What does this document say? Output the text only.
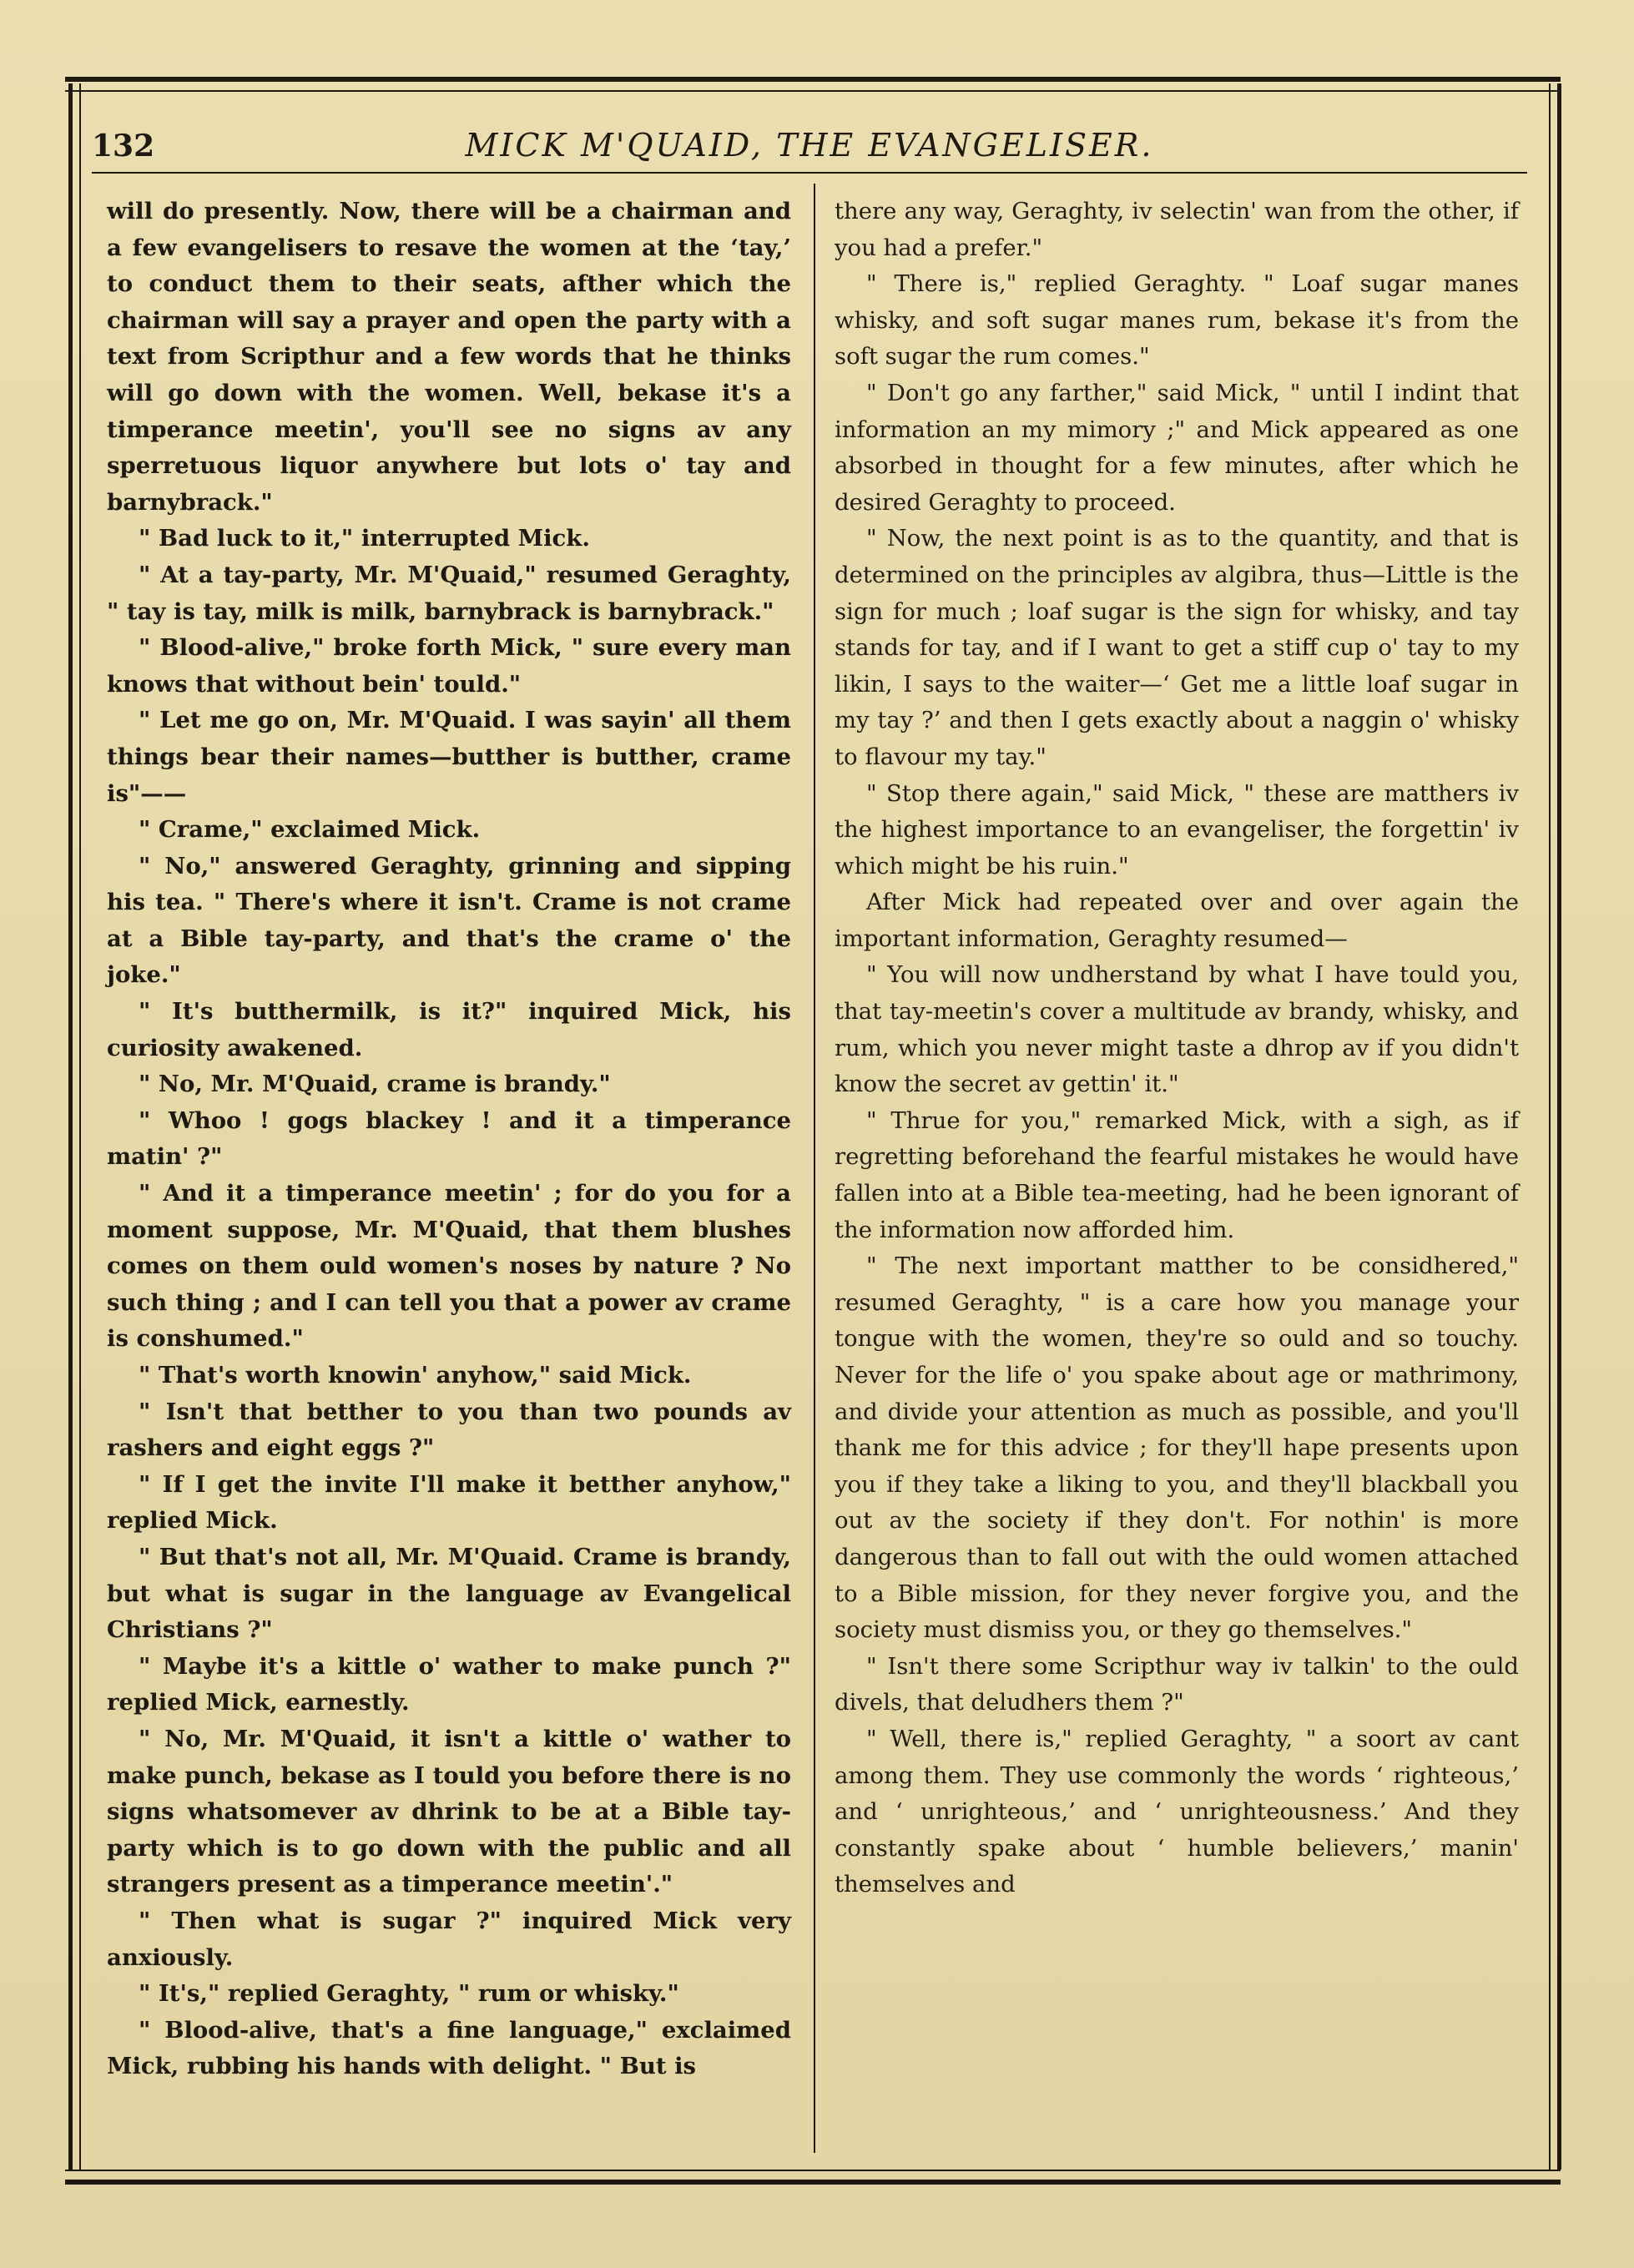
132	MICK M'QUAID, THE EVANGELISER.

will do presently. Now, there will be a chairman and a few evangelisers to resave the women at the ‘tay,’ to conduct them to their seats, afther which the chairman will say a prayer and open the party with a text from Scripthur and a few words that he thinks will go down with the women. Well, bekase it's a timperance meetin', you'll see no signs av any sperretuous liquor anywhere but lots o' tay and barnybrack."

" Bad luck to it," interrupted Mick.

" At a tay-party, Mr. M'Quaid," resumed Geraghty, " tay is tay, milk is milk, barnybrack is barnybrack."

" Blood-alive," broke forth Mick, " sure every man knows that without bein' tould."

" Let me go on, Mr. M'Quaid. I was sayin' all them things bear their names—butther is butther, crame is"——

" Crame," exclaimed Mick.

" No," answered Geraghty, grinning and sipping his tea. " There's where it isn't. Crame is not crame at a Bible tay-party, and that's the crame o' the joke."

" It's butthermilk, is it?" inquired Mick, his curiosity awakened.

" No, Mr. M'Quaid, crame is brandy."

" Whoo ! gogs blackey ! and it a timperance matin' ?"

" And it a timperance meetin' ; for do you for a moment suppose, Mr. M'Quaid, that them blushes comes on them ould women's noses by nature ? No such thing ; and I can tell you that a power av crame is conshumed."

" That's worth knowin' anyhow," said Mick.

" Isn't that betther to you than two pounds av rashers and eight eggs ?"

" If I get the invite I'll make it betther anyhow," replied Mick.

" But that's not all, Mr. M'Quaid. Crame is brandy, but what is sugar in the language av Evangelical Christians ?"

" Maybe it's a kittle o' wather to make punch ?" replied Mick, earnestly.

" No, Mr. M'Quaid, it isn't a kittle o' wather to make punch, bekase as I tould you before there is no signs whatsomever av dhrink to be at a Bible tay-party which is to go down with the public and all strangers present as a timperance meetin'."

" Then what is sugar ?" inquired Mick very anxiously.

" It's," replied Geraghty, " rum or whisky."

" Blood-alive, that's a fine language," exclaimed Mick, rubbing his hands with delight. " But is

there any way, Geraghty, iv selectin' wan from the other, if you had a prefer."

" There is," replied Geraghty. " Loaf sugar manes whisky, and soft sugar manes rum, bekase it's from the soft sugar the rum comes."

" Don't go any farther," said Mick, " until I indint that information an my mimory ;" and Mick appeared as one absorbed in thought for a few minutes, after which he desired Geraghty to proceed.

" Now, the next point is as to the quantity, and that is determined on the principles av algibra, thus—Little is the sign for much ; loaf sugar is the sign for whisky, and tay stands for tay, and if I want to get a stiff cup o' tay to my likin, I says to the waiter—‘ Get me a little loaf sugar in my tay ?’ and then I gets exactly about a naggin o' whisky to flavour my tay."

" Stop there again," said Mick, " these are matthers iv the highest importance to an evangeliser, the forgettin' iv which might be his ruin."

After Mick had repeated over and over again the important information, Geraghty resumed—

" You will now undherstand by what I have tould you, that tay-meetin's cover a multitude av brandy, whisky, and rum, which you never might taste a dhrop av if you didn't know the secret av gettin' it."

" Thrue for you," remarked Mick, with a sigh, as if regretting beforehand the fearful mistakes he would have fallen into at a Bible tea-meeting, had he been ignorant of the information now afforded him.

" The next important matther to be considhered," resumed Geraghty, " is a care how you manage your tongue with the women, they're so ould and so touchy. Never for the life o' you spake about age or mathrimony, and divide your attention as much as possible, and you'll thank me for this advice ; for they'll hape presents upon you if they take a liking to you, and they'll blackball you out av the society if they don't. For nothin' is more dangerous than to fall out with the ould women attached to a Bible mission, for they never forgive you, and the society must dismiss you, or they go themselves."

" Isn't there some Scripthur way iv talkin' to the ould divels, that deludhers them ?"

" Well, there is," replied Geraghty, " a soort av cant among them. They use commonly the words ‘ righteous,’ and ‘ unrighteous,’ and ‘ unrighteousness.’ And they constantly spake about ‘ humble believers,’ manin' themselves and
